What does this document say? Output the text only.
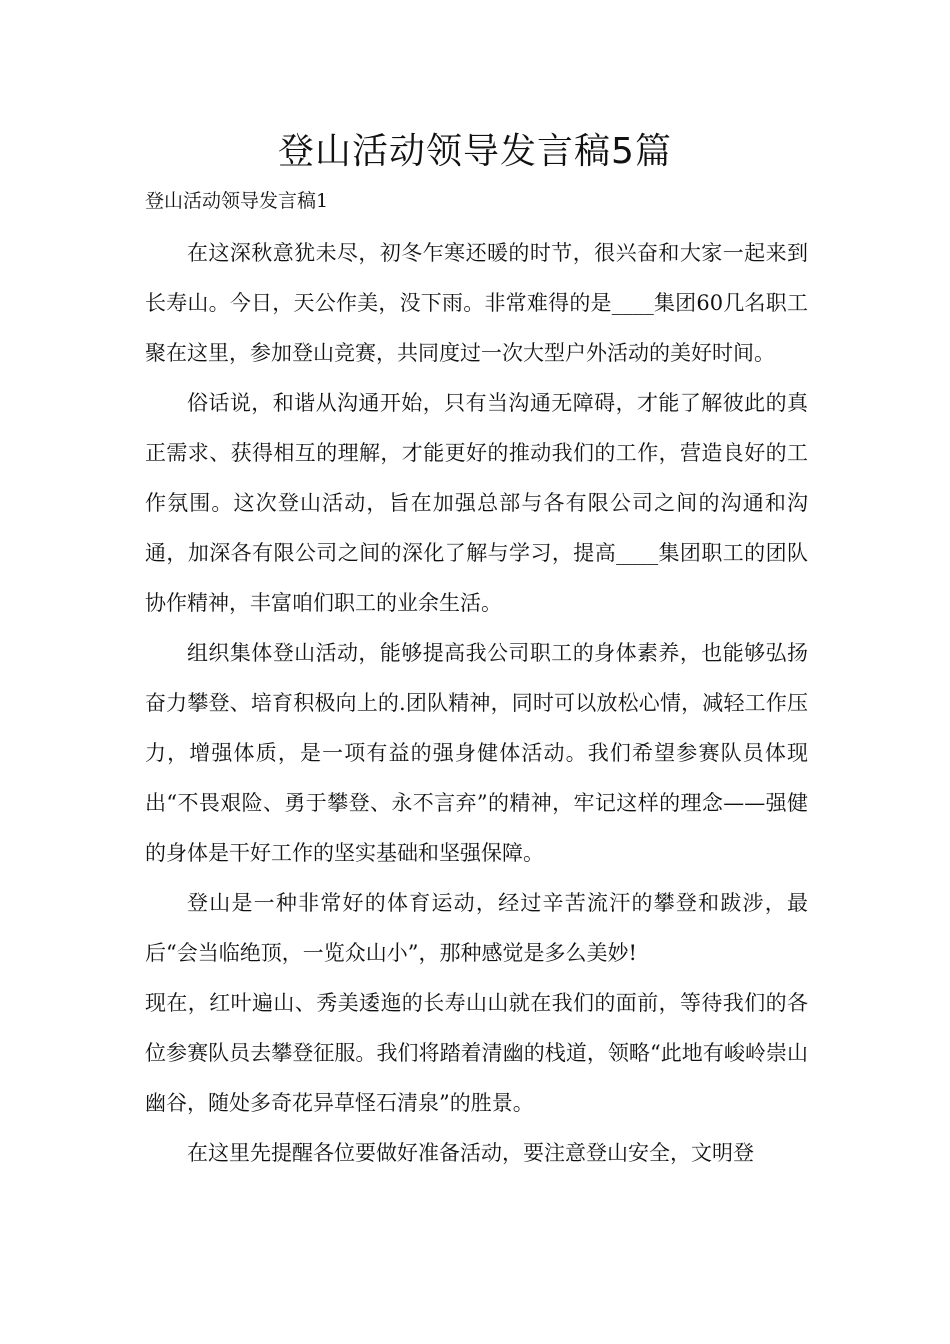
登山活动领导发言稿5篇
登山活动领导发言稿1

在这深秋意犹未尽，初冬乍寒还暖的时节，很兴奋和大家一起来到长寿山。今日，天公作美，没下雨。非常难得的是____集团60几名职工聚在这里，参加登山竞赛，共同度过一次大型户外活动的美好时间。

俗话说，和谐从沟通开始，只有当沟通无障碍，才能了解彼此的真正需求、获得相互的理解，才能更好的推动我们的工作，营造良好的工作氛围。这次登山活动，旨在加强总部与各有限公司之间的沟通和沟通，加深各有限公司之间的深化了解与学习，提高____集团职工的团队协作精神，丰富咱们职工的业余生活。

组织集体登山活动，能够提高我公司职工的身体素养，也能够弘扬奋力攀登、培育积极向上的.团队精神，同时可以放松心情，减轻工作压力，增强体质，是一项有益的强身健体活动。我们希望参赛队员体现出“不畏艰险、勇于攀登、永不言弃”的精神，牢记这样的理念——强健的身体是干好工作的坚实基础和坚强保障。

登山是一种非常好的体育运动，经过辛苦流汗的攀登和跋涉，最后“会当临绝顶，一览众山小”，那种感觉是多么美妙!

现在，红叶遍山、秀美逶迤的长寿山山就在我们的面前，等待我们的各位参赛队员去攀登征服。我们将踏着清幽的栈道，领略“此地有峻岭崇山幽谷，随处多奇花异草怪石清泉”的胜景。

在这里先提醒各位要做好准备活动，要注意登山安全，文明登
